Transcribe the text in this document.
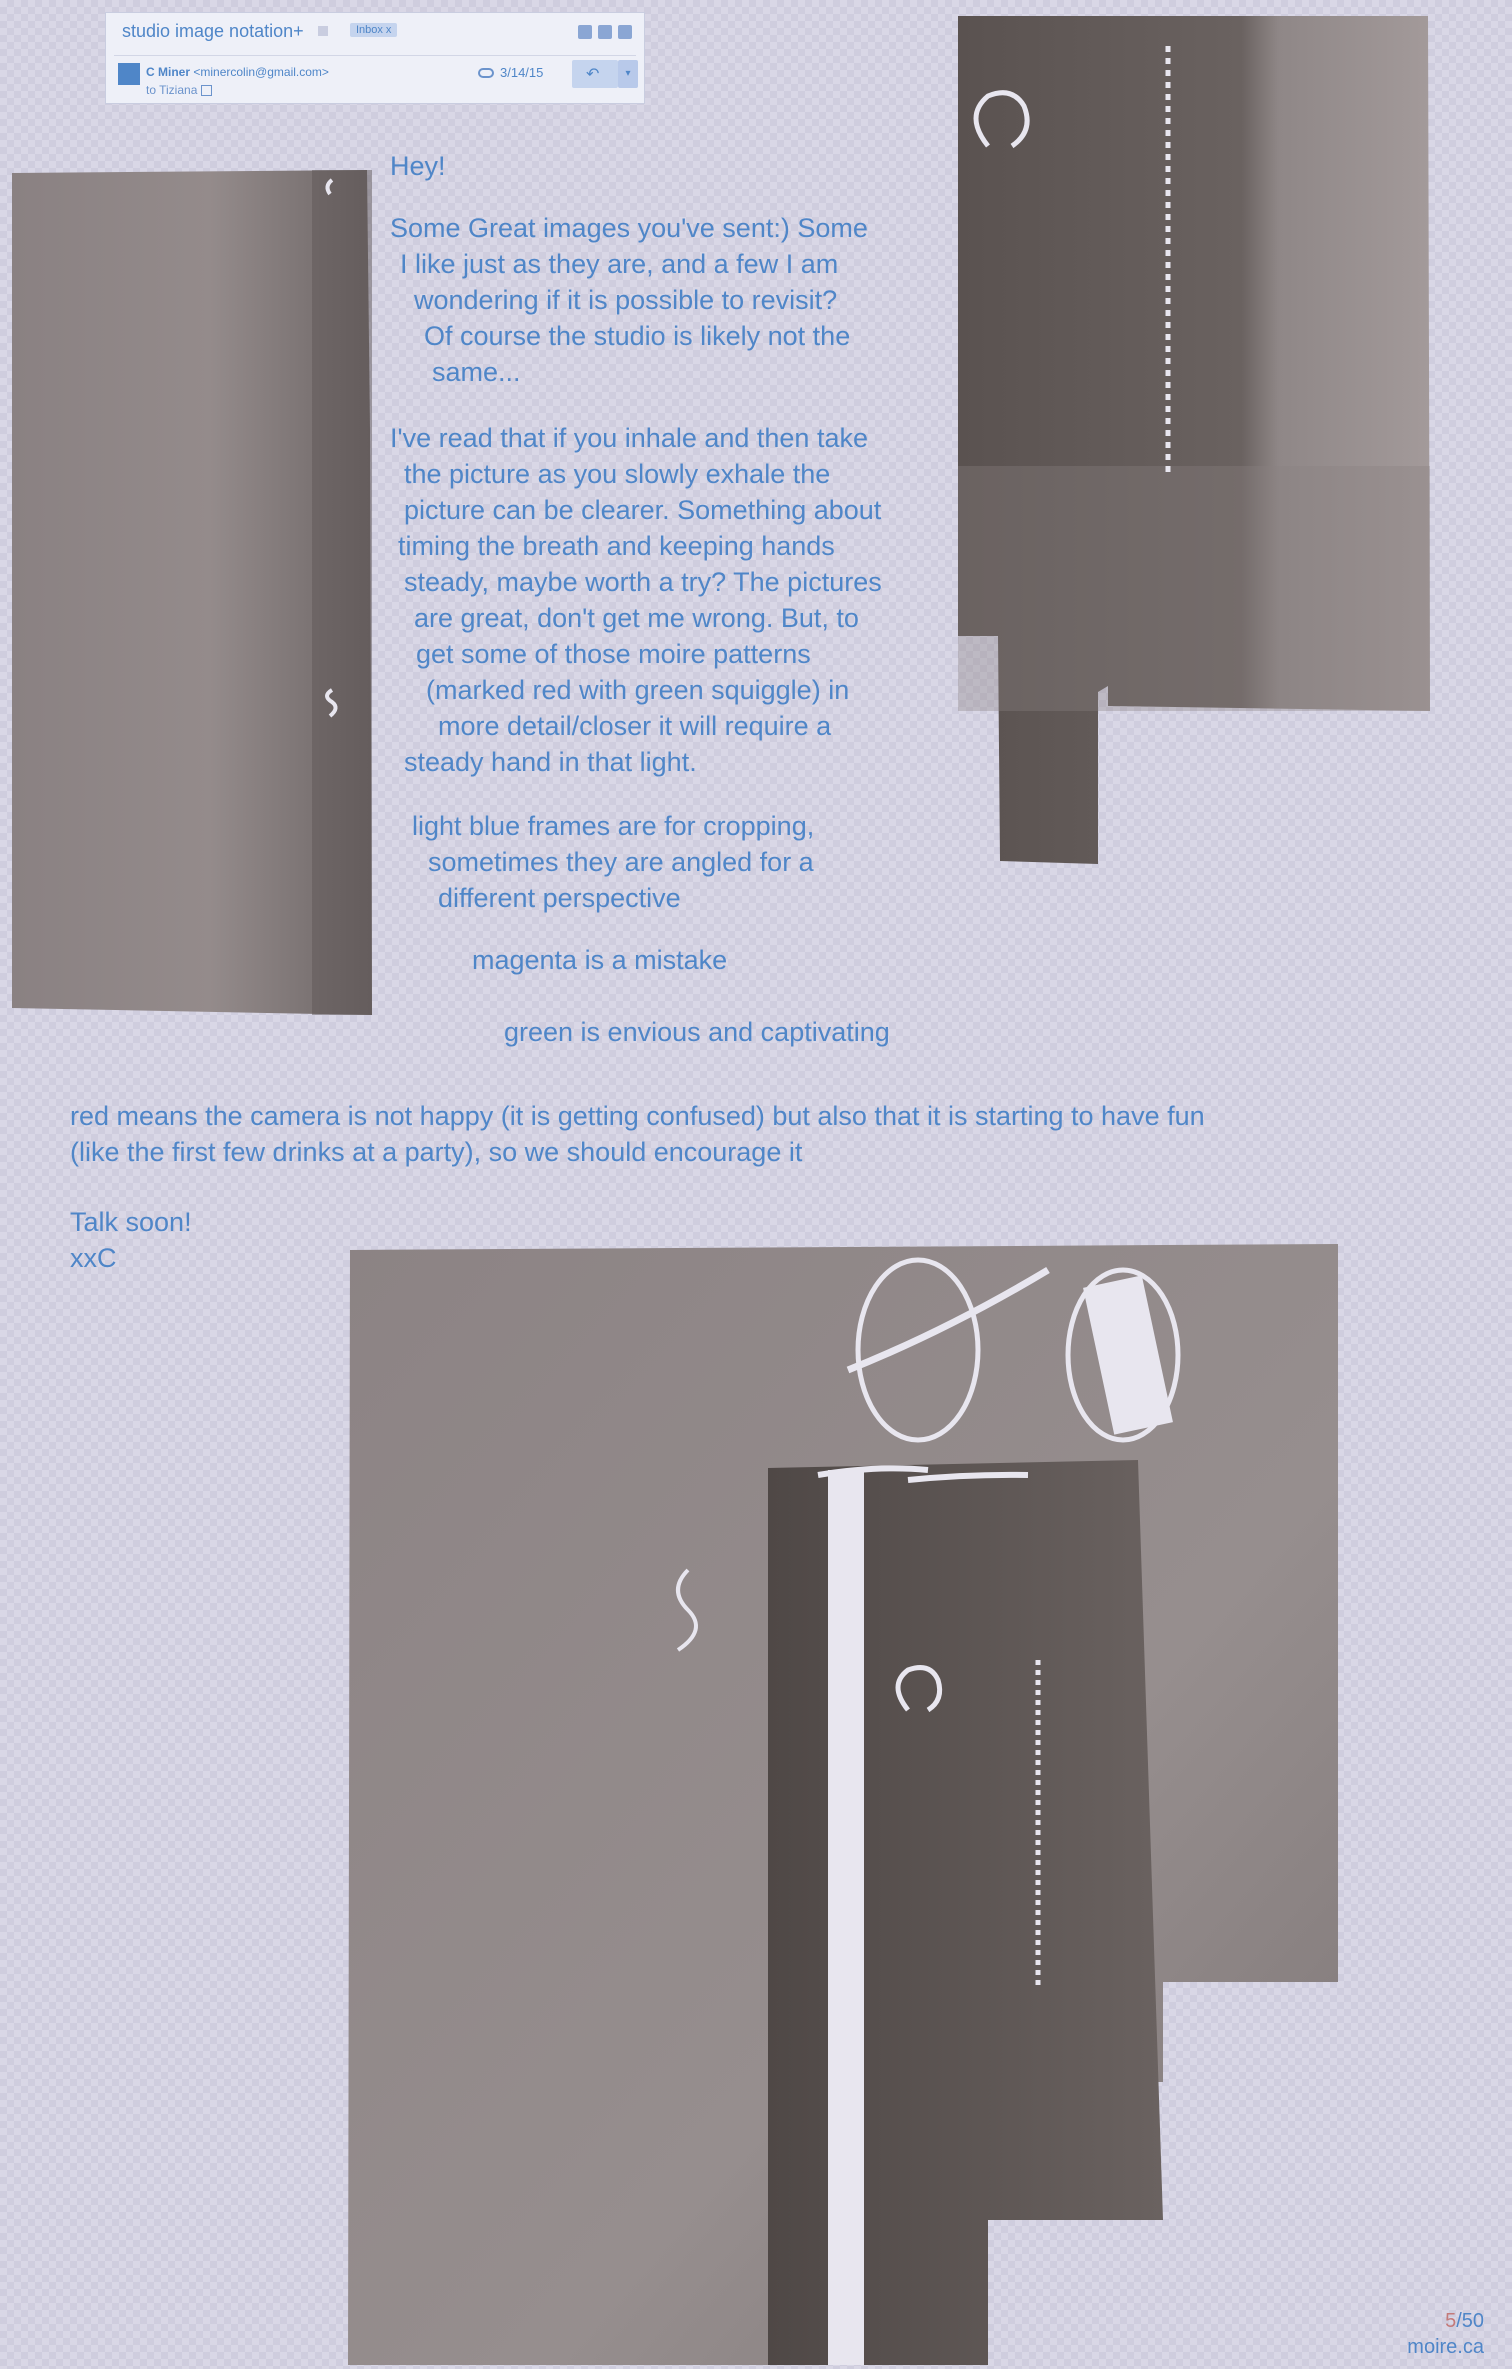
studio image notation+	Inbox x
C Miner <minercolin@gmail.com>
to Tiziana
3/14/15	↶	▾
Hey!
Some Great images you've sent:) Some
I like just as they are, and a few I am
wondering if it is possible to revisit?
Of course the studio is likely not the
same...
I've read that if you inhale and then take
the picture as you slowly exhale the
picture can be clearer. Something about
timing the breath and keeping hands
steady, maybe worth a try? The pictures
are great, don't get me wrong. But, to
get some of those moire patterns
(marked red with green squiggle) in
more detail/closer it will require a
steady hand in that light.
light blue frames are for cropping,
sometimes they are angled for a
different perspective
magenta is a mistake
green is envious and captivating
red means the camera is not happy (it is getting confused) but also that it is starting to have fun
(like the first few drinks at a party), so we should encourage it
Talk soon!
xxC
5/50
moire.ca
